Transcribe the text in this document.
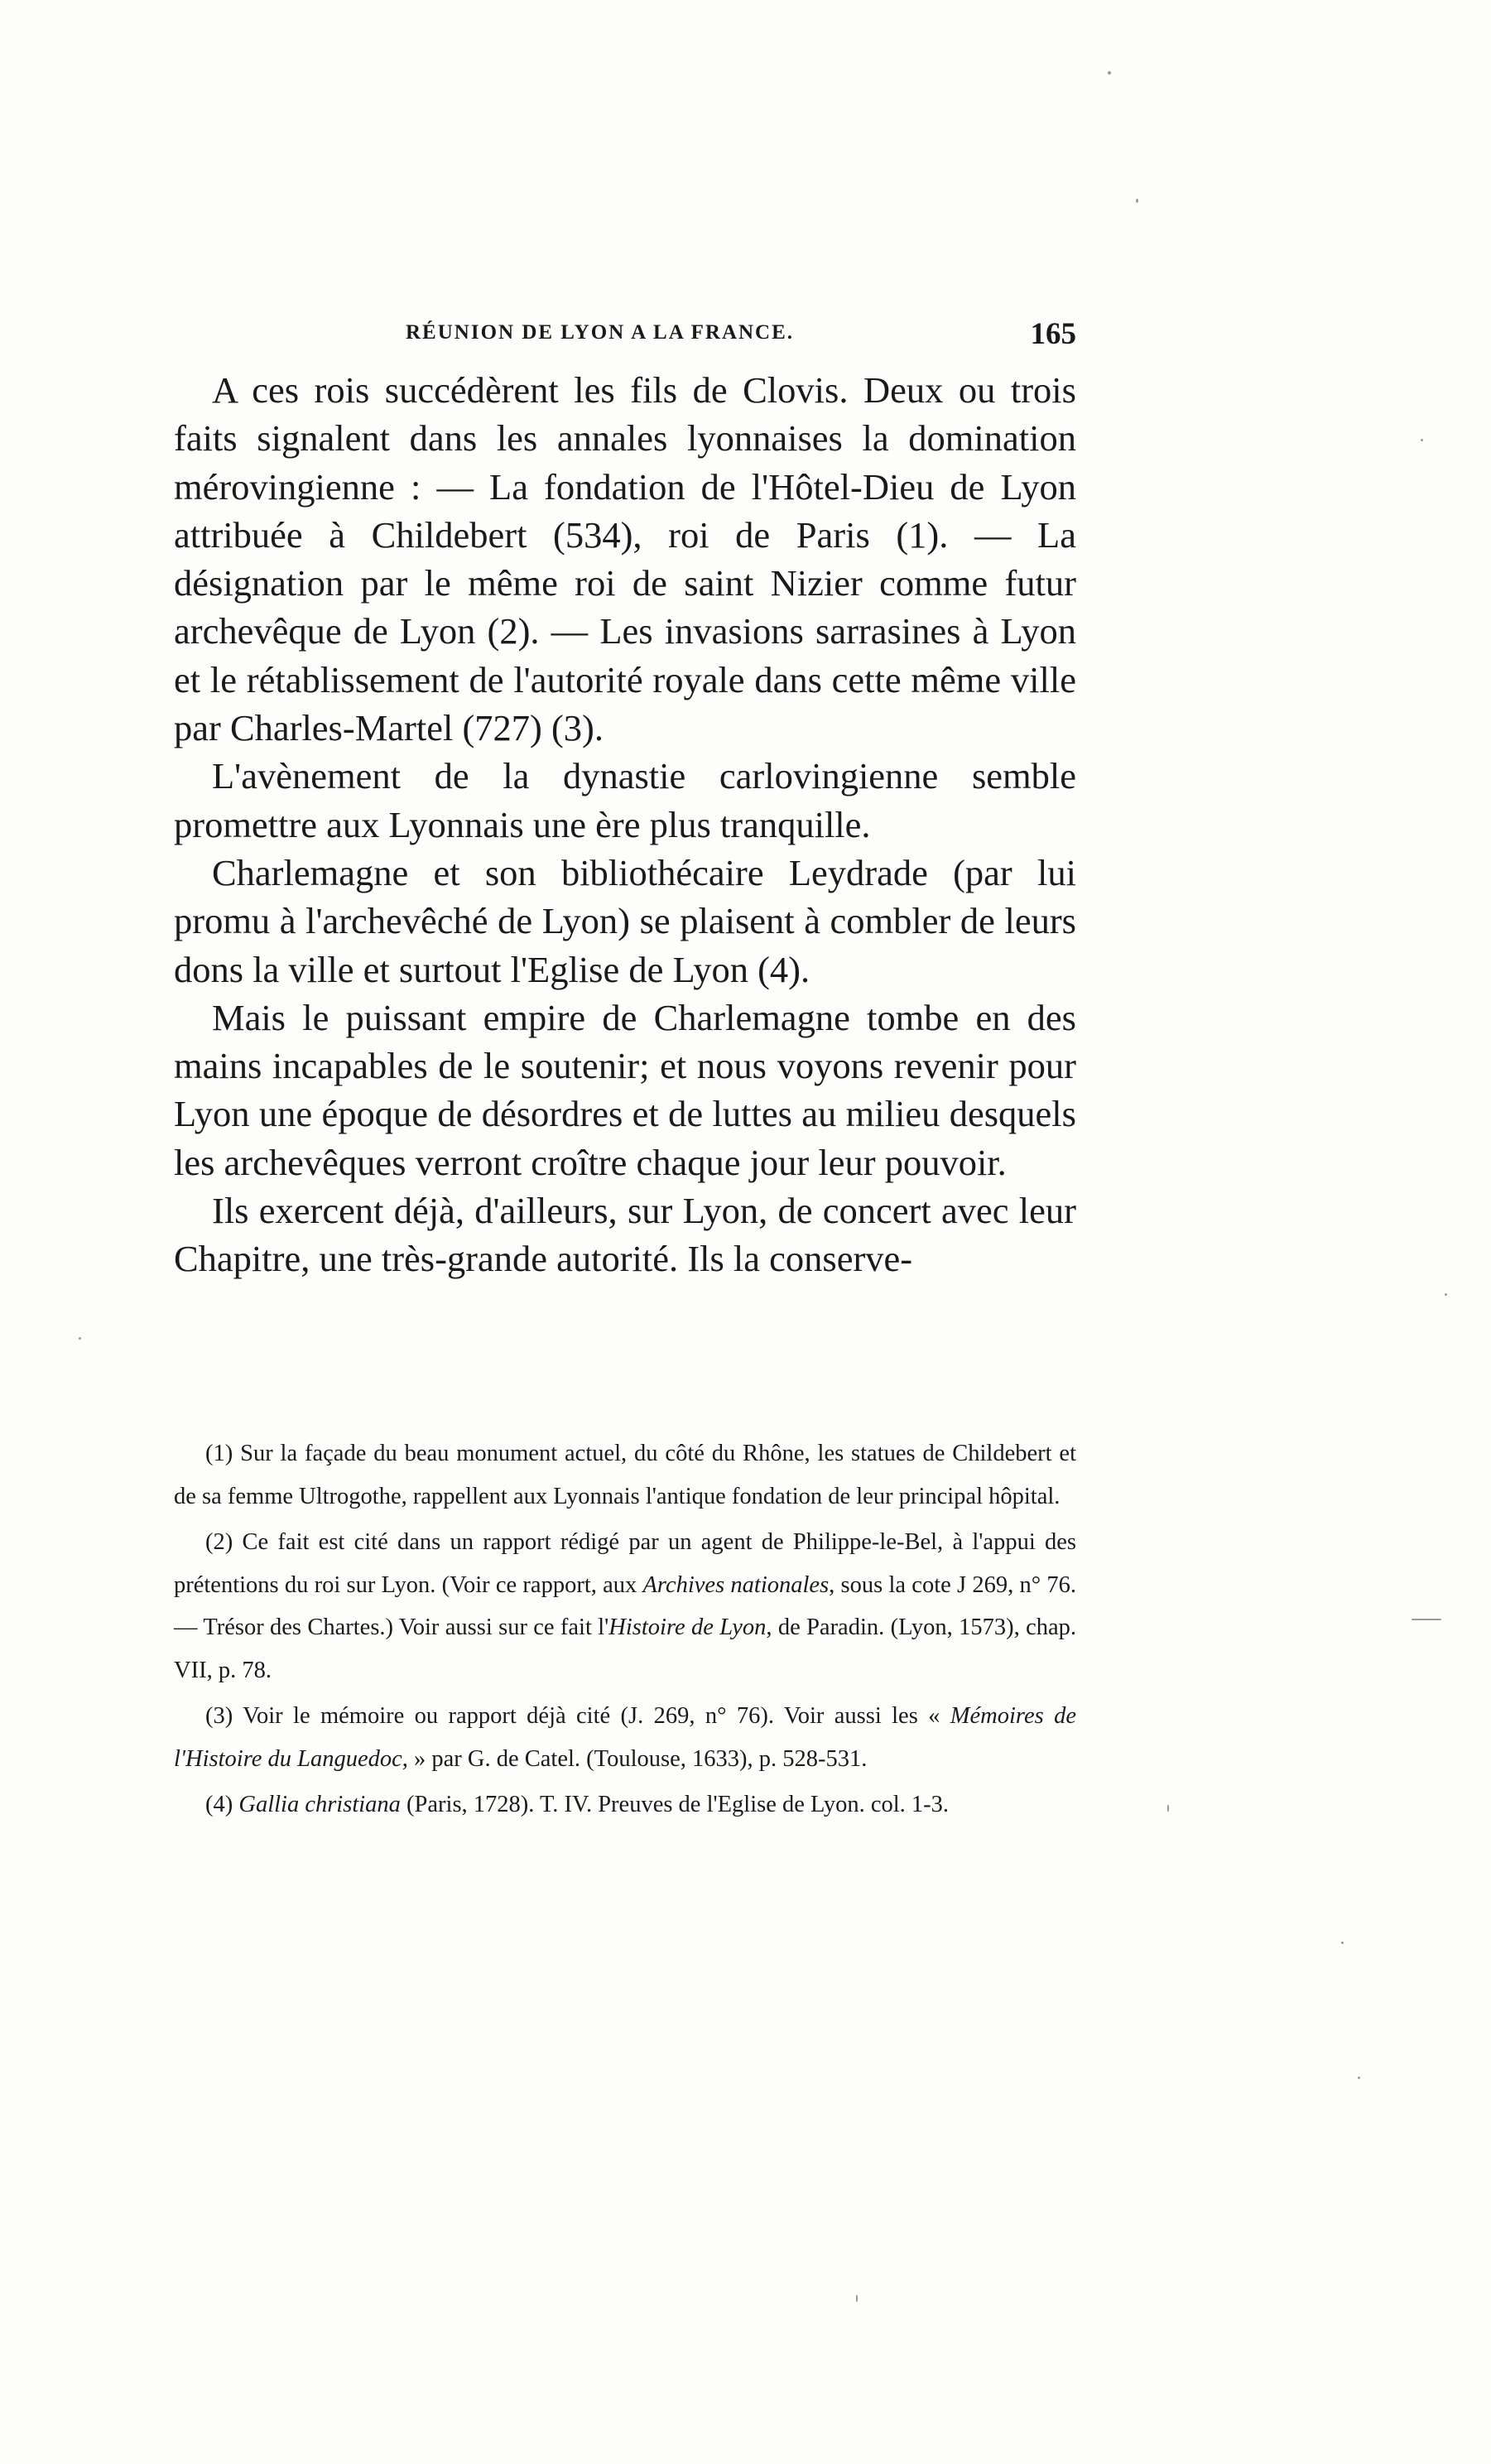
RÉUNION DE LYON A LA FRANCE.	165

A ces rois succédèrent les fils de Clovis. Deux ou trois faits signalent dans les annales lyonnaises la domination mérovingienne : — La fondation de l'Hôtel-Dieu de Lyon attribuée à Childebert (534), roi de Paris (1). — La désignation par le même roi de saint Nizier comme futur archevêque de Lyon (2). — Les invasions sarrasines à Lyon et le rétablissement de l'autorité royale dans cette même ville par Charles-Martel (727) (3).

L'avènement de la dynastie carlovingienne semble promettre aux Lyonnais une ère plus tranquille.

Charlemagne et son bibliothécaire Leydrade (par lui promu à l'archevêché de Lyon) se plaisent à combler de leurs dons la ville et surtout l'Eglise de Lyon (4).

Mais le puissant empire de Charlemagne tombe en des mains incapables de le soutenir; et nous voyons revenir pour Lyon une époque de désordres et de luttes au milieu desquels les archevêques verront croître chaque jour leur pouvoir.

Ils exercent déjà, d'ailleurs, sur Lyon, de concert avec leur Chapitre, une très-grande autorité. Ils la conserve-

(1) Sur la façade du beau monument actuel, du côté du Rhône, les statues de Childebert et de sa femme Ultrogothe, rappellent aux Lyonnais l'antique fondation de leur principal hôpital.

(2) Ce fait est cité dans un rapport rédigé par un agent de Philippe-le-Bel, à l'appui des prétentions du roi sur Lyon. (Voir ce rapport, aux Archives nationales, sous la cote J 269, n° 76. — Trésor des Chartes.) Voir aussi sur ce fait l'Histoire de Lyon, de Paradin. (Lyon, 1573), chap. VII, p. 78.

(3) Voir le mémoire ou rapport déjà cité (J. 269, n° 76). Voir aussi les « Mémoires de l'Histoire du Languedoc, » par G. de Catel. (Toulouse, 1633), p. 528-531.

(4) Gallia christiana (Paris, 1728). T. IV. Preuves de l'Eglise de Lyon. col. 1-3.
